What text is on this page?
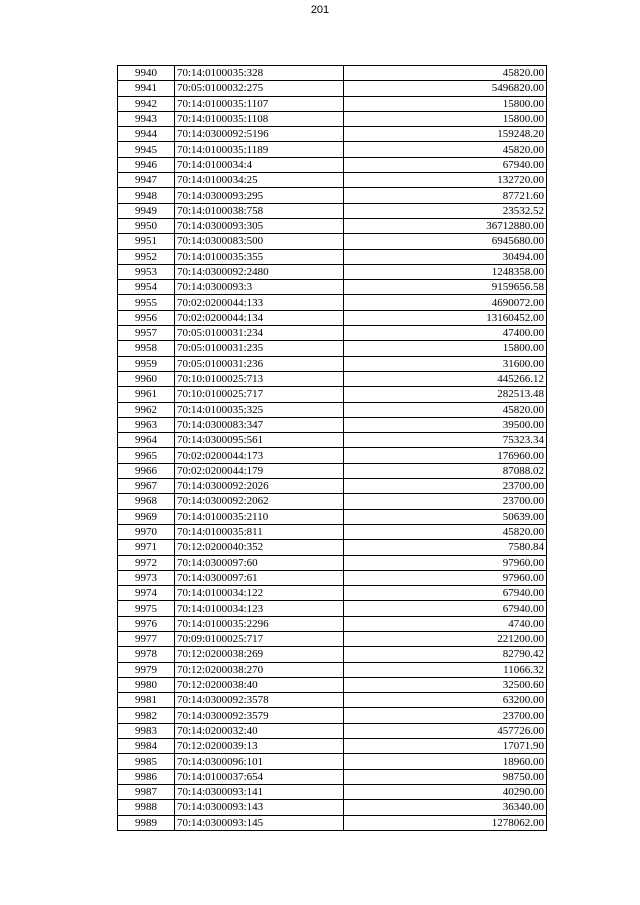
201
9940	70:14:0100035:328	45820.00
9941	70:05:0100032:275	5496820.00
9942	70:14:0100035:1107	15800.00
9943	70:14:0100035:1108	15800.00
9944	70:14:0300092:5196	159248.20
9945	70:14:0100035:1189	45820.00
9946	70:14:0100034:4	67940.00
9947	70:14:0100034:25	132720.00
9948	70:14:0300093:295	87721.60
9949	70:14:0100038:758	23532.52
9950	70:14:0300093:305	36712880.00
9951	70:14:0300083:500	6945680.00
9952	70:14:0100035:355	30494.00
9953	70:14:0300092:2480	1248358.00
9954	70:14:0300093:3	9159656.58
9955	70:02:0200044:133	4690072.00
9956	70:02:0200044:134	13160452.00
9957	70:05:0100031:234	47400.00
9958	70:05:0100031:235	15800.00
9959	70:05:0100031:236	31600.00
9960	70:10:0100025:713	445266.12
9961	70:10:0100025:717	282513.48
9962	70:14:0100035:325	45820.00
9963	70:14:0300083:347	39500.00
9964	70:14:0300095:561	75323.34
9965	70:02:0200044:173	176960.00
9966	70:02:0200044:179	87088.02
9967	70:14:0300092:2026	23700.00
9968	70:14:0300092:2062	23700.00
9969	70:14:0100035:2110	50639.00
9970	70:14:0100035:811	45820.00
9971	70:12:0200040:352	7580.84
9972	70:14:0300097:60	97960.00
9973	70:14:0300097:61	97960.00
9974	70:14:0100034:122	67940.00
9975	70:14:0100034:123	67940.00
9976	70:14:0100035:2296	4740.00
9977	70:09:0100025:717	221200.00
9978	70:12:0200038:269	82790.42
9979	70:12:0200038:270	11066.32
9980	70:12:0200038:40	32500.60
9981	70:14:0300092:3578	63200.00
9982	70:14:0300092:3579	23700.00
9983	70:14:0200032:40	457726.00
9984	70:12:0200039:13	17071.90
9985	70:14:0300096:101	18960.00
9986	70:14:0100037:654	98750.00
9987	70:14:0300093:141	40290.00
9988	70:14:0300093:143	36340.00
9989	70:14:0300093:145	1278062.00
